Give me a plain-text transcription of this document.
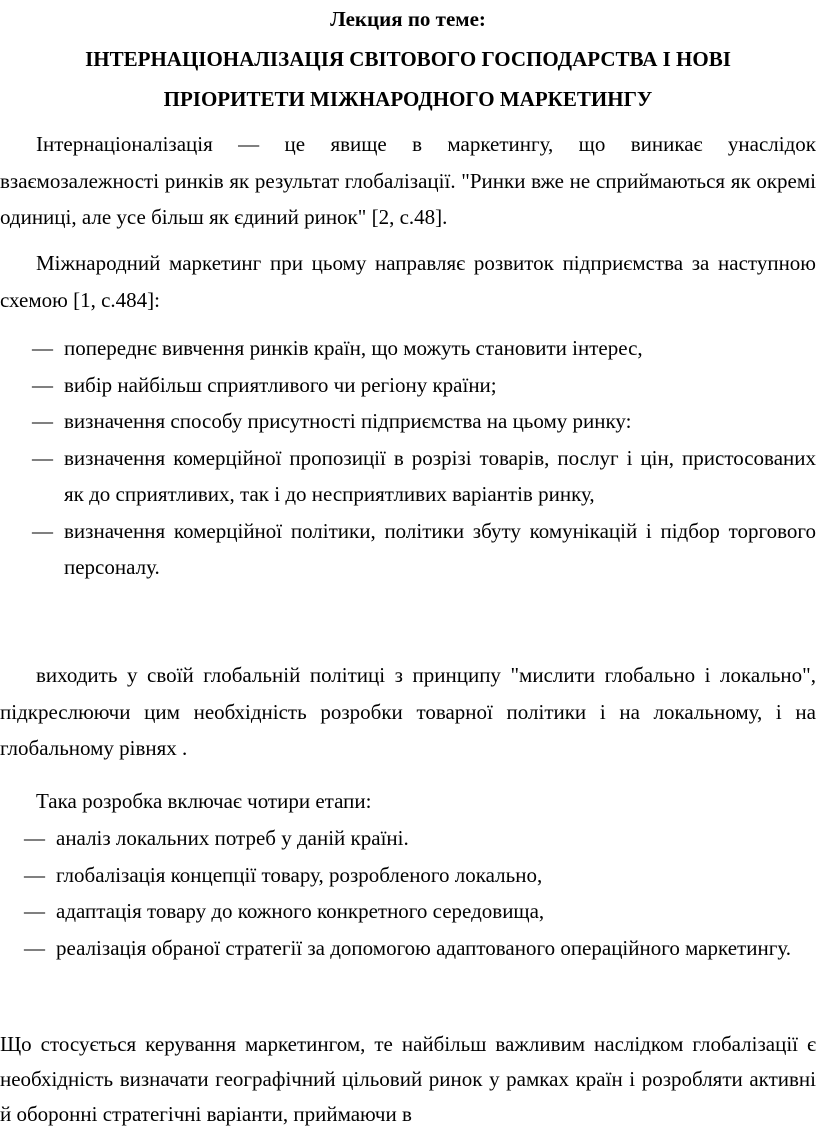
Лекция по теме:
ІНТЕРНАЦІОНАЛІЗАЦІЯ СВІТОВОГО ГОСПОДАРСТВА І НОВІ
ПРІОРИТЕТИ МІЖНАРОДНОГО МАРКЕТИНГУ
Інтернаціоналізація — це явище в маркетингу, що виникає унаслідок взаємозалежності ринків як результат глобалізації. "Ринки вже не сприймаються як окремі одиниці, але усе більш як єдиний ринок" [2, с.48].
Міжнародний маркетинг при цьому направляє розвиток підприємства за наступною схемою [1, с.484]:
— попереднє вивчення ринків країн, що можуть становити інтерес,
— вибір найбільш сприятливого чи регіону країни;
— визначення способу присутності підприємства на цьому ринку:
— визначення комерційної пропозиції в розрізі товарів, послуг і цін, пристосованих як до сприятливих, так і до несприятливих варіантів ринку,
— визначення комерційної політики, політики збуту комунікацій і підбор торгового персоналу.
виходить у своїй глобальній політиці з принципу "мислити глобально і локально", підкреслюючи цим необхідність розробки товарної політики і на локальному, і на глобальному рівнях .
Така розробка включає чотири етапи:
— аналіз локальних потреб у даній країні.
— глобалізація концепції товару, розробленого локально,
— адаптація товару до кожного конкретного середовища,
— реалізація обраної стратегії за допомогою адаптованого операційного маркетингу.
Що стосується керування маркетингом, те найбільш важливим наслідком глобалізації є необхідність визначати географічний цільовий ринок у рамках країн і розробляти активні й оборонні стратегічні варіанти, приймаючи в
